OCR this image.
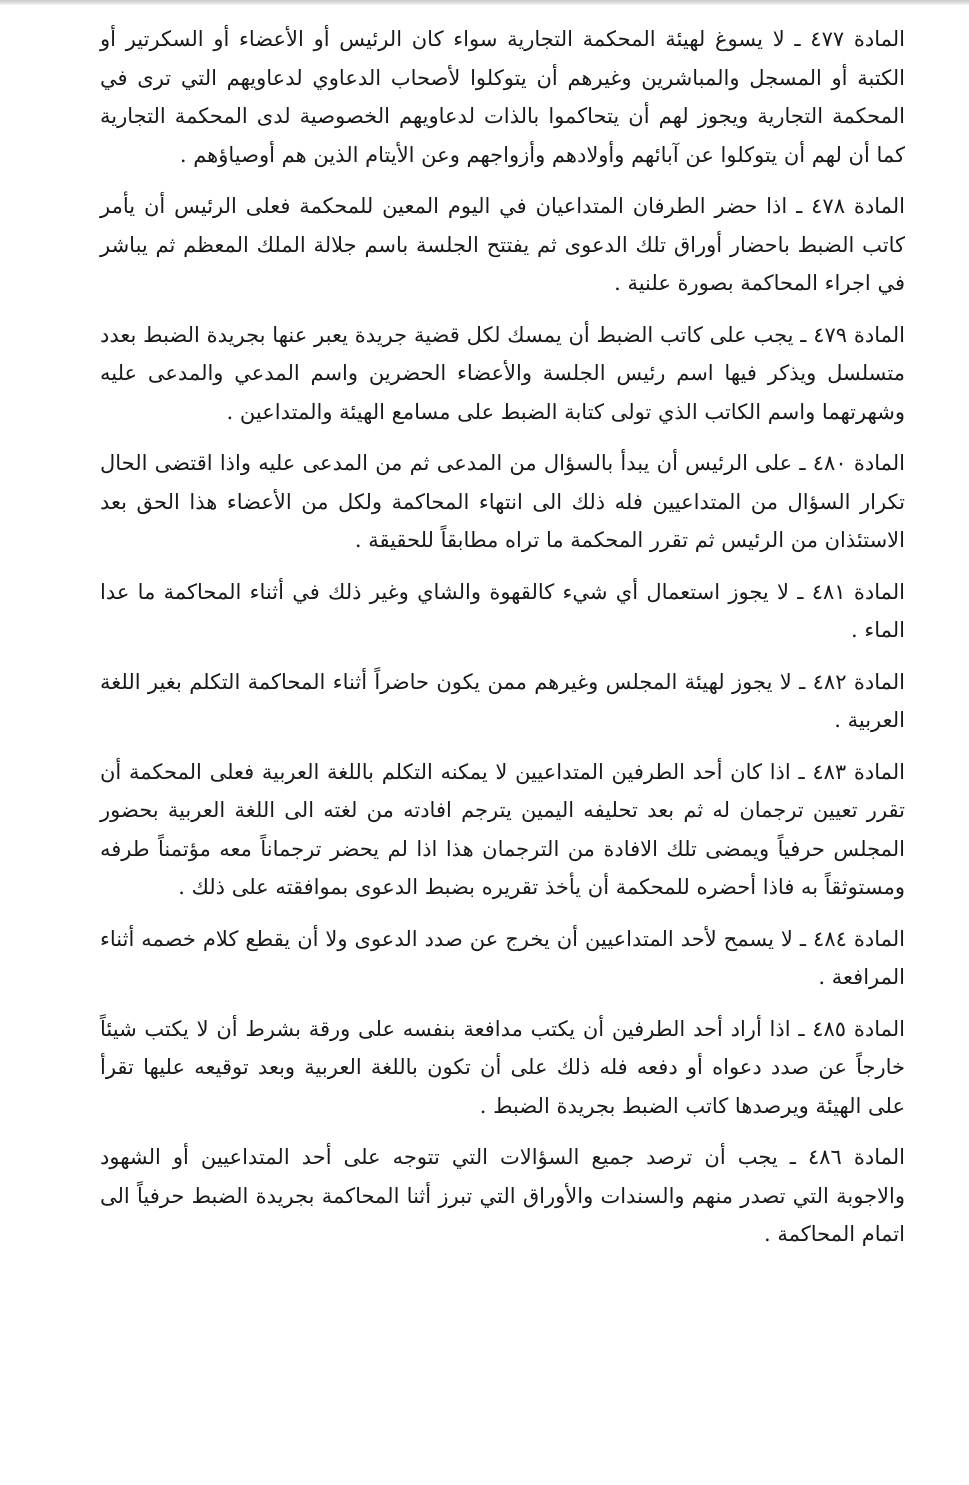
المادة ٤٧٧ ـ لا يسوغ لهيئة المحكمة التجارية سواء كان الرئيس أو الأعضاء أو السكرتير أو الكتبة أو المسجل والمباشرين وغيرهم أن يتوكلوا لأصحاب الدعاوي لدعاويهم التي ترى في المحكمة التجارية ويجوز لهم أن يتحاكموا بالذات لدعاويهم الخصوصية لدى المحكمة التجارية كما أن لهم أن يتوكلوا عن آبائهم وأولادهم وأزواجهم وعن الأيتام الذين هم أوصياؤهم .

المادة ٤٧٨ ـ اذا حضر الطرفان المتداعيان في اليوم المعين للمحكمة فعلى الرئيس أن يأمر كاتب الضبط باحضار أوراق تلك الدعوى ثم يفتتح الجلسة باسم جلالة الملك المعظم ثم يباشر في اجراء المحاكمة بصورة علنية .

المادة ٤٧٩ ـ يجب على كاتب الضبط أن يمسك لكل قضية جريدة يعبر عنها بجريدة الضبط بعدد متسلسل ويذكر فيها اسم رئيس الجلسة والأعضاء الحضرين واسم المدعي والمدعى عليه وشهرتهما واسم الكاتب الذي تولى كتابة الضبط على مسامع الهيئة والمتداعين .

المادة ٤٨٠ ـ على الرئيس أن يبدأ بالسؤال من المدعى ثم من المدعى عليه واذا اقتضى الحال تكرار السؤال من المتداعيين فله ذلك الى انتهاء المحاكمة ولكل من الأعضاء هذا الحق بعد الاستئذان من الرئيس ثم تقرر المحكمة ما تراه مطابقاً للحقيقة .

المادة ٤٨١ ـ لا يجوز استعمال أي شيء كالقهوة والشاي وغير ذلك في أثناء المحاكمة ما عدا الماء .

المادة ٤٨٢ ـ لا يجوز لهيئة المجلس وغيرهم ممن يكون حاضراً أثناء المحاكمة التكلم بغير اللغة العربية .

المادة ٤٨٣ ـ اذا كان أحد الطرفين المتداعيين لا يمكنه التكلم باللغة العربية فعلى المحكمة أن تقرر تعيين ترجمان له ثم بعد تحليفه اليمين يترجم افادته من لغته الى اللغة العربية بحضور المجلس حرفياً ويمضى تلك الافادة من الترجمان هذا اذا لم يحضر ترجماناً معه مؤتمناً طرفه ومستوثقاً به فاذا أحضره للمحكمة أن يأخذ تقريره بضبط الدعوى بموافقته على ذلك .

المادة ٤٨٤ ـ لا يسمح لأحد المتداعيين أن يخرج عن صدد الدعوى ولا أن يقطع كلام خصمه أثناء المرافعة .

المادة ٤٨٥ ـ اذا أراد أحد الطرفين أن يكتب مدافعة بنفسه على ورقة بشرط أن لا يكتب شيئاً خارجاً عن صدد دعواه أو دفعه فله ذلك على أن تكون باللغة العربية وبعد توقيعه عليها تقرأ على الهيئة ويرصدها كاتب الضبط بجريدة الضبط .

المادة ٤٨٦ ـ يجب أن ترصد جميع السؤالات التي تتوجه على أحد المتداعيين أو الشهود والاجوبة التي تصدر منهم والسندات والأوراق التي تبرز أثنا المحاكمة بجريدة الضبط حرفياً الى اتمام المحاكمة .
